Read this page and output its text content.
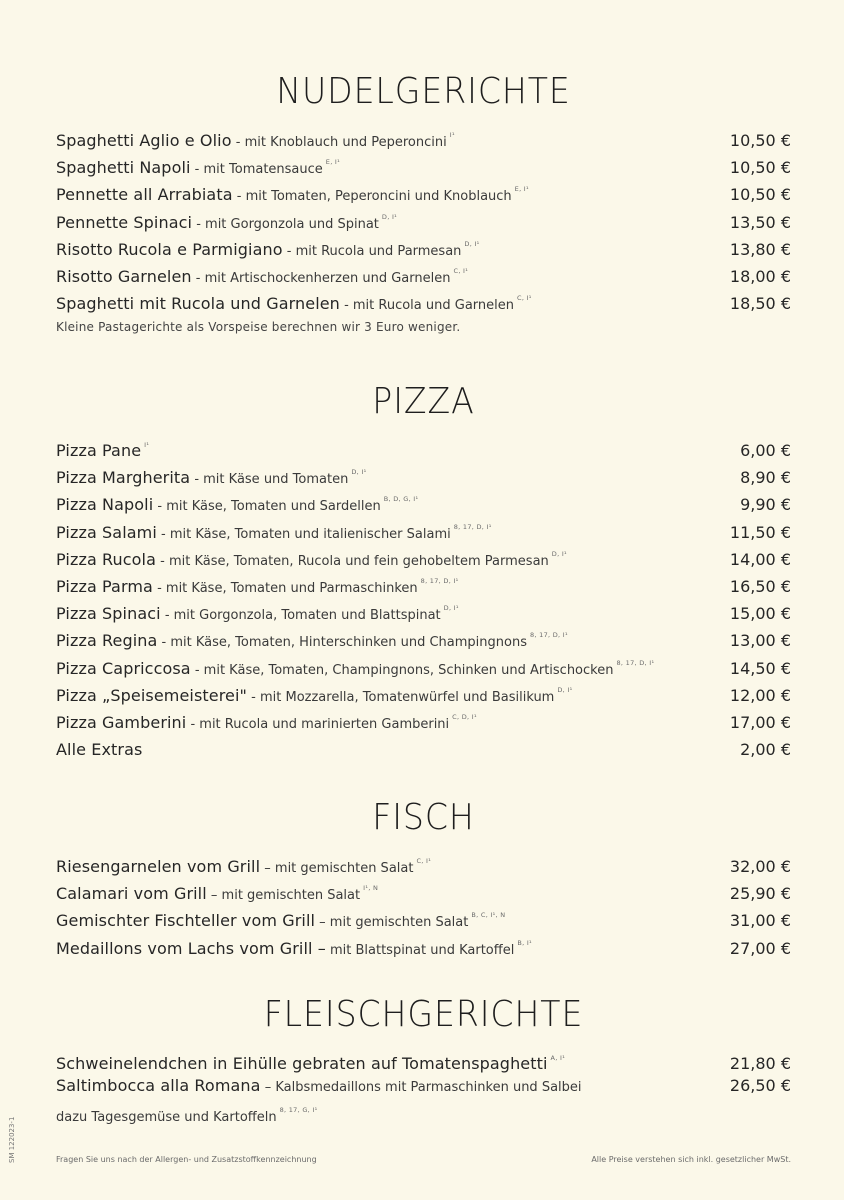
NUDELGERICHTE
Spaghetti Aglio e Olio - mit Knoblauch und Peperoncini $^{I^1}$	10,50 €
Spaghetti Napoli - mit Tomatensauce $^{E, I^1}$	10,50 €
Pennette all Arrabiata - mit Tomaten, Peperoncini und Knoblauch $^{E, I^1}$	10,50 €
Pennette Spinaci - mit Gorgonzola und Spinat $^{D, I^1}$	13,50 €
Risotto Rucola e Parmigiano - mit Rucola und Parmesan $^{D, I^1}$	13,80 €
Risotto Garnelen - mit Artischockenherzen und Garnelen $^{C, I^1}$	18,00 €
Spaghetti mit Rucola und Garnelen - mit Rucola und Garnelen $^{C, I^1}$	18,50 €
Kleine Pastagerichte als Vorspeise berechnen wir 3 Euro weniger.
PIZZA
Pizza Pane $^{I^1}$	6,00 €
Pizza Margherita - mit Käse und Tomaten $^{D, I^1}$	8,90 €
Pizza Napoli - mit Käse, Tomaten und Sardellen $^{B, D, G, I^1}$	9,90 €
Pizza Salami - mit Käse, Tomaten und italienischer Salami $^{8, 17, D, I^1}$	11,50 €
Pizza Rucola - mit Käse, Tomaten, Rucola und fein gehobeltem Parmesan $^{D, I^1}$	14,00 €
Pizza Parma - mit Käse, Tomaten und Parmaschinken $^{8, 17, D, I^1}$	16,50 €
Pizza Spinaci - mit Gorgonzola, Tomaten und Blattspinat $^{D, I^1}$	15,00 €
Pizza Regina - mit Käse, Tomaten, Hinterschinken und Champingnons $^{8, 17, D, I^1}$	13,00 €
Pizza Capriccosa - mit Käse, Tomaten, Champingnons, Schinken und Artischocken $^{8, 17, D, I^1}$	14,50 €
Pizza „Speisemeisterei" - mit Mozzarella, Tomatenwürfel und Basilikum $^{D, I^1}$	12,00 €
Pizza Gamberini - mit Rucola und marinierten Gamberini $^{C, D, I^1}$	17,00 €
Alle Extras	2,00 €
FISCH
Riesengarnelen vom Grill – mit gemischten Salat $^{C, I^1}$	32,00 €
Calamari vom Grill – mit gemischten Salat $^{I^1, N}$	25,90 €
Gemischter Fischteller vom Grill – mit gemischten Salat $^{B, C, I^1, N}$	31,00 €
Medaillons vom Lachs vom Grill – mit Blattspinat und Kartoffel $^{B, I^1}$	27,00 €
FLEISCHGERICHTE
Schweinelendchen in Eihülle gebraten auf Tomatenspaghetti $^{A, I^1}$	21,80 €
Saltimbocca alla Romana – Kalbsmedaillons mit Parmaschinken und Salbei	26,50 €
dazu Tagesgemüse und Kartoffeln $^{8, 17, G, I^1}$
Fragen Sie uns nach der Allergen- und Zusatzstoffkennzeichnung	Alle Preise verstehen sich inkl. gesetzlicher MwSt.
SM 122023-1
